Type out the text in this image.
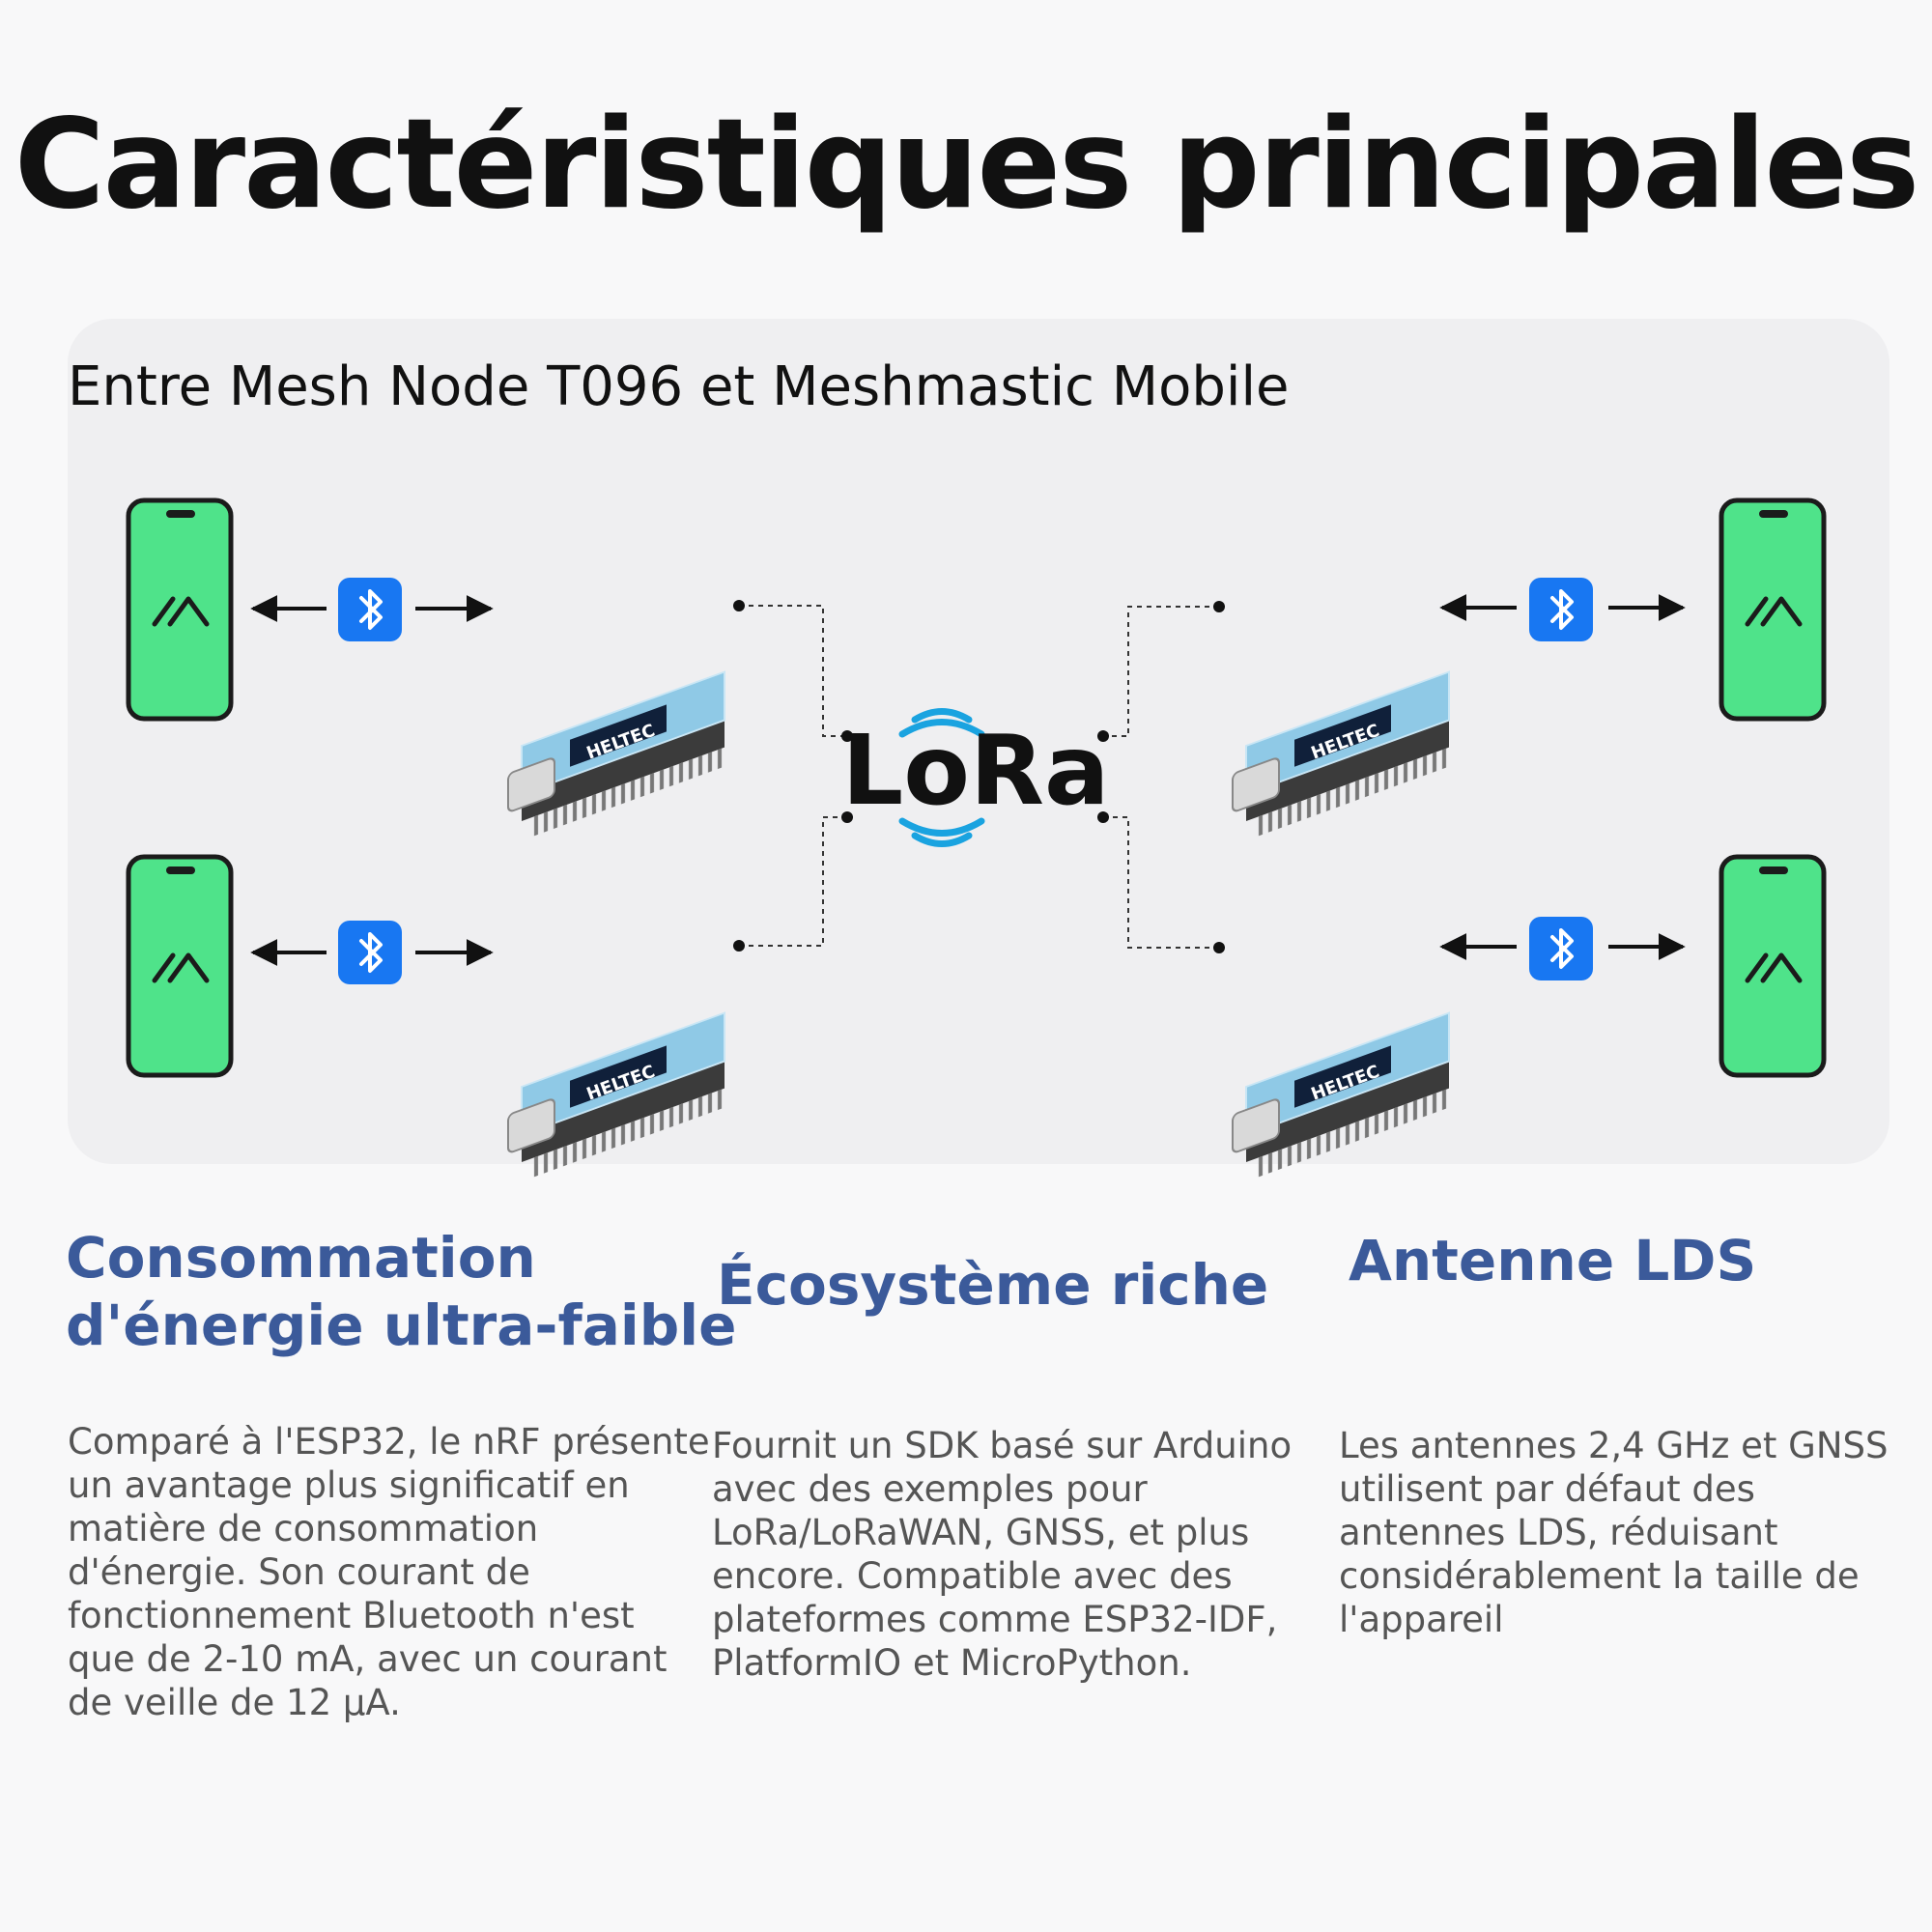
Caractéristiques principales

Entre Mesh Node T096 et Meshmastic Mobile

HELTEC
LoRa
Consommation
d'énergie ultra-faible
Écosystème riche Antenne LDS

Comparé à l'ESP32, le nRF présente
un avantage plus significatif en
matière de consommation
d'énergie. Son courant de
fonctionnement Bluetooth n'est
que de 2-10 mA, avec un courant
de veille de 12 µA.

Fournit un SDK basé sur Arduino
avec des exemples pour
LoRa/LoRaWAN, GNSS, et plus
encore. Compatible avec des
plateformes comme ESP32-IDF,
PlatformIO et MicroPython.

Les antennes 2,4 GHz et GNSS
utilisent par défaut des
antennes LDS, réduisant
considérablement la taille de
l'appareil
